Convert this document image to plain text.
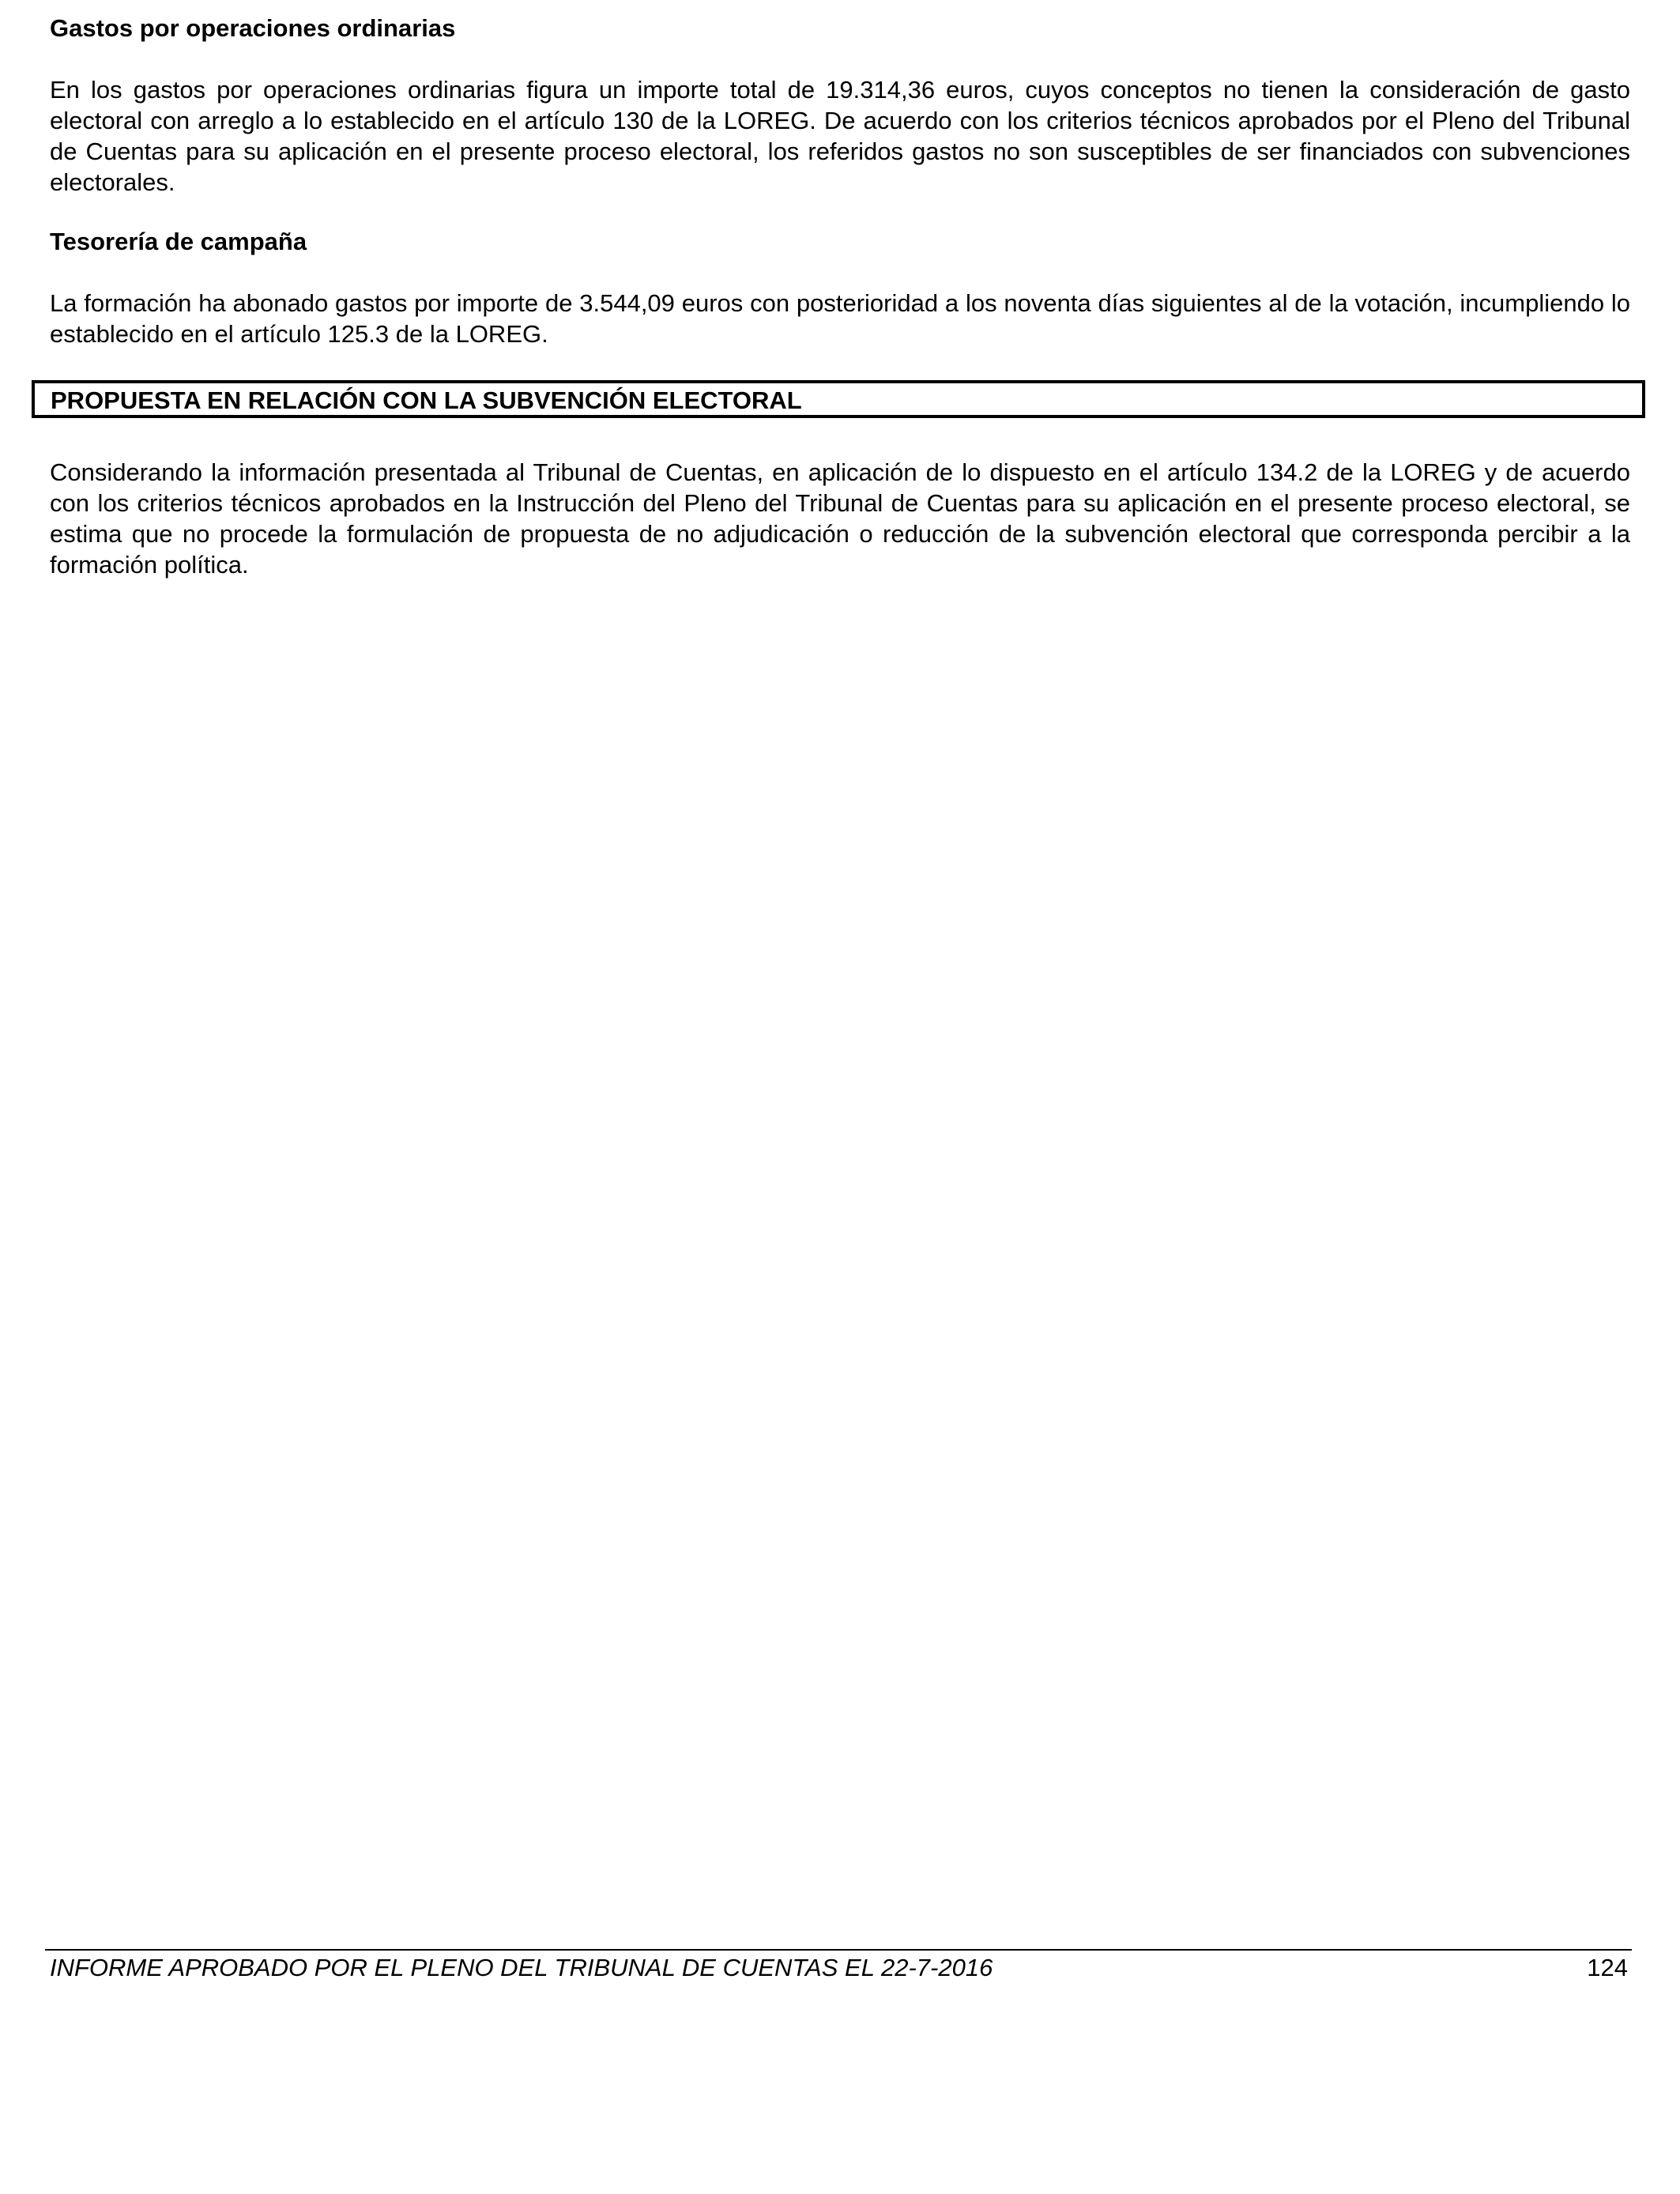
Gastos por operaciones ordinarias

En los gastos por operaciones ordinarias figura un importe total de 19.314,36 euros, cuyos conceptos no tienen la consideración de gasto electoral con arreglo a lo establecido en el artículo 130 de la LOREG. De acuerdo con los criterios técnicos aprobados por el Pleno del Tribunal de Cuentas para su aplicación en el presente proceso electoral, los referidos gastos no son susceptibles de ser financiados con subvenciones electorales.

Tesorería de campaña

La formación ha abonado gastos por importe de 3.544,09 euros con posterioridad a los noventa días siguientes al de la votación, incumpliendo lo establecido en el artículo 125.3 de la LOREG.

PROPUESTA EN RELACIÓN CON LA SUBVENCIÓN ELECTORAL

Considerando la información presentada al Tribunal de Cuentas, en aplicación de lo dispuesto en el artículo 134.2 de la LOREG y de acuerdo con los criterios técnicos aprobados en la Instrucción del Pleno del Tribunal de Cuentas para su aplicación en el presente proceso electoral, se estima que no procede la formulación de propuesta de no adjudicación o reducción de la subvención electoral que corresponda percibir a la formación política.

INFORME APROBADO POR EL PLENO DEL TRIBUNAL DE CUENTAS EL 22-7-2016	124
